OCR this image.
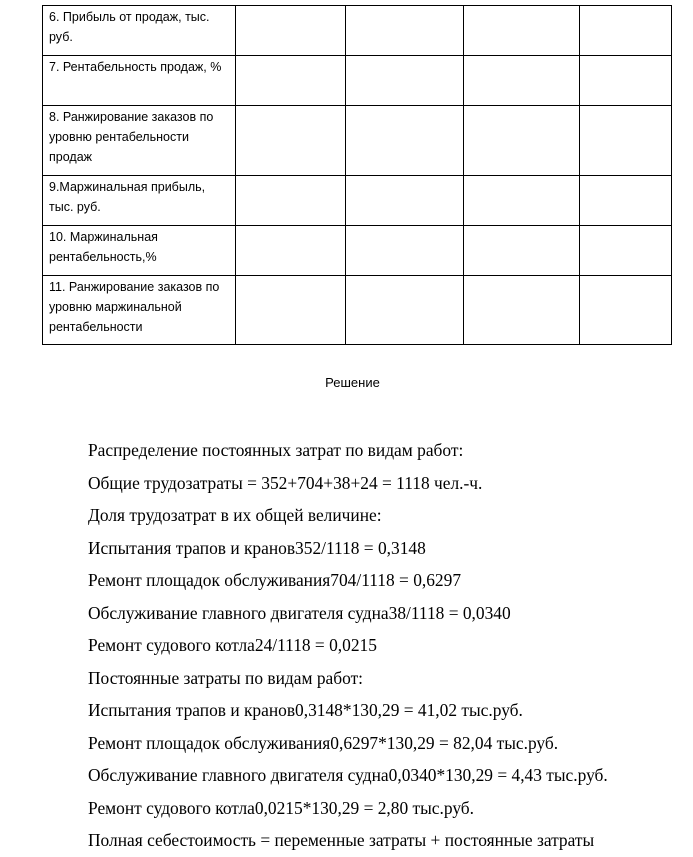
6. Прибыль от продаж, тыс. руб.				
7. Рентабельность продаж, %				
8. Ранжирование заказов по уровню рентабельности продаж				
9.Маржинальная прибыль, тыс. руб.				
10. Маржинальная рентабельность,%				
11. Ранжирование заказов по уровню маржинальной рентабельности				
Решение

Распределение постоянных затрат по видам работ:

Общие трудозатраты = 352+704+38+24 = 1118 чел.-ч.

Доля трудозатрат в их общей величине:

Испытания трапов и кранов352/1118 = 0,3148

Ремонт площадок обслуживания704/1118 = 0,6297

Обслуживание главного двигателя судна38/1118 = 0,0340

Ремонт судового котла24/1118 = 0,0215

Постоянные затраты по видам работ:

Испытания трапов и кранов0,3148*130,29 = 41,02 тыс.руб.

Ремонт площадок обслуживания0,6297*130,29 = 82,04 тыс.руб.

Обслуживание главного двигателя судна0,0340*130,29 = 4,43 тыс.руб.

Ремонт судового котла0,0215*130,29 = 2,80 тыс.руб.

Полная себестоимость = переменные затраты + постоянные затраты
